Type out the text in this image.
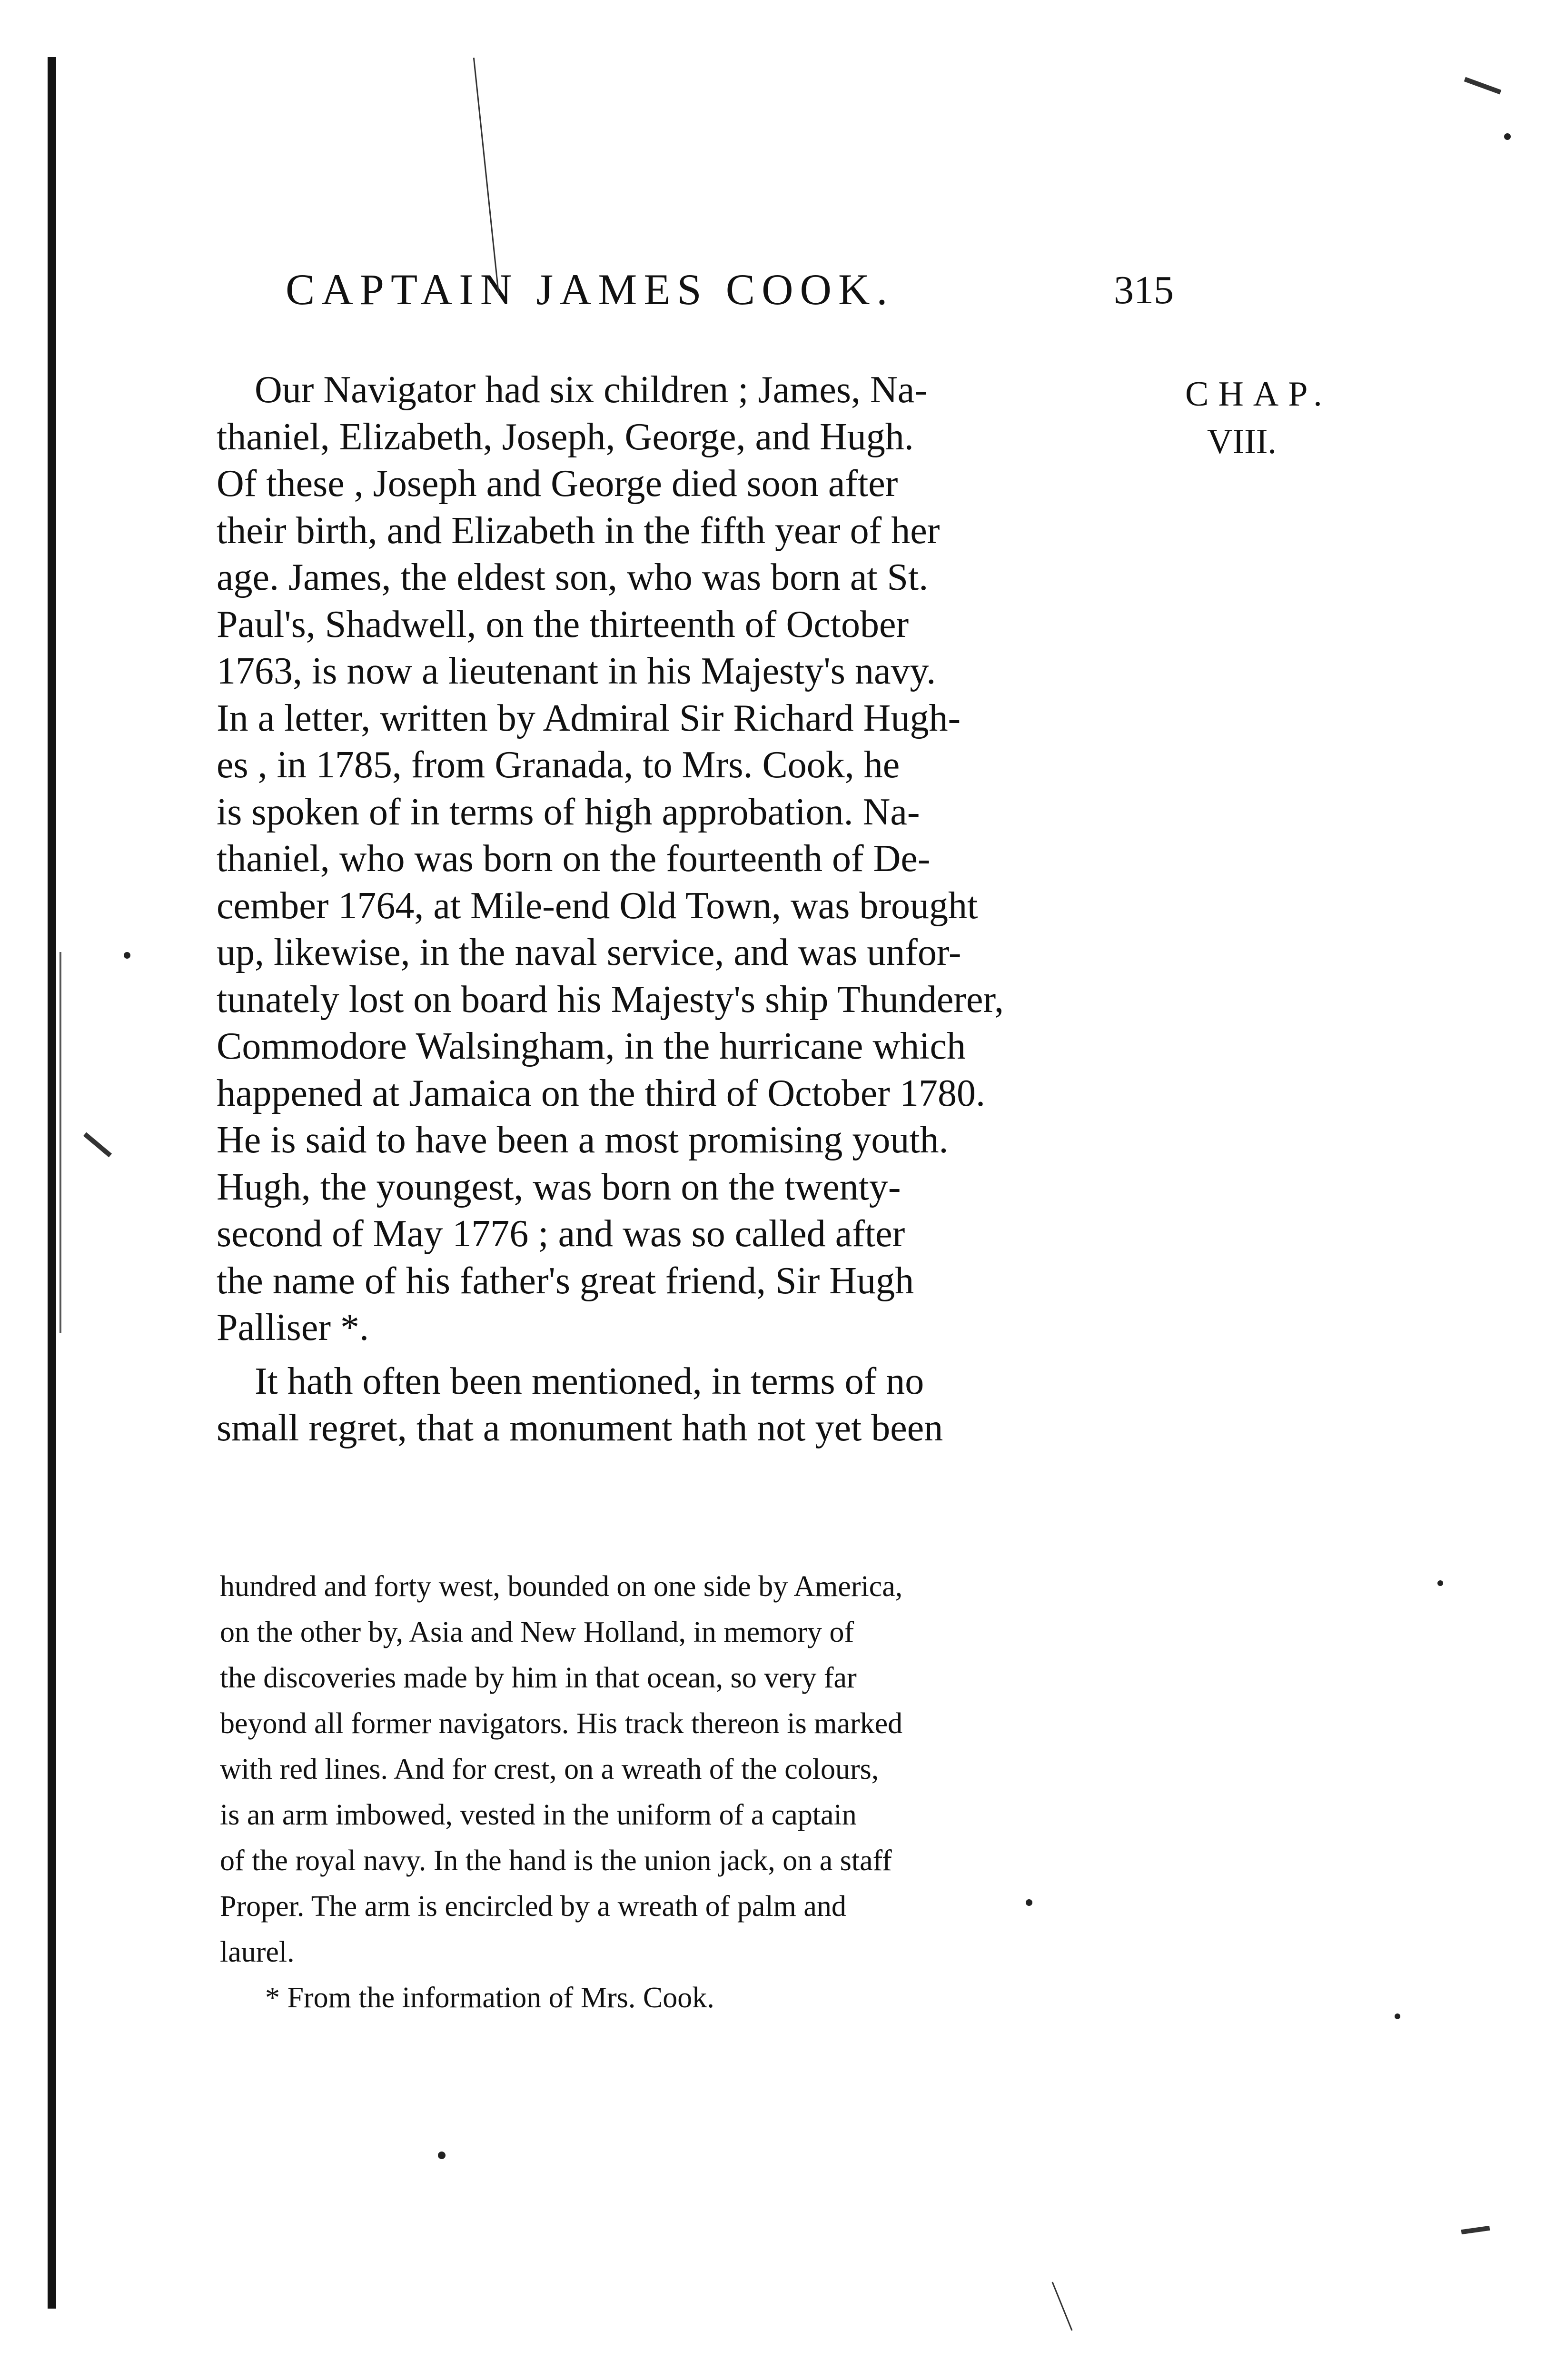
CAPTAIN JAMES COOK.	315
Our Navigator had six children ; James, Na-
thaniel, Elizabeth, Joseph, George, and Hugh.
Of these , Joseph and George died soon after
their birth, and Elizabeth in the fifth year of her
age. James, the eldest son, who was born at St.
Paul's, Shadwell, on the thirteenth of October
1763, is now a lieutenant in his Majesty's navy.
In a letter, written by Admiral Sir Richard Hugh-
es , in 1785, from Granada, to Mrs. Cook, he
is spoken of in terms of high approbation. Na-
thaniel, who was born on the fourteenth of De-
cember 1764, at Mile-end Old Town, was brought
up, likewise, in the naval service, and was unfor-
tunately lost on board his Majesty's ship Thunderer,
Commodore Walsingham, in the hurricane which
happened at Jamaica on the third of October 1780.
He is said to have been a most promising youth.
Hugh, the youngest, was born on the twenty-
second of May 1776 ; and was so called after
the name of his father's great friend, Sir Hugh
Palliser *.
It hath often been mentioned, in terms of no
small regret, that a monument hath not yet been
CHAP.
VIII.
hundred and forty west, bounded on one side by America,
on the other by, Asia and New Holland, in memory of
the discoveries made by him in that ocean, so very far
beyond all former navigators. His track thereon is marked
with red lines. And for crest, on a wreath of the colours,
is an arm imbowed, vested in the uniform of a captain
of the royal navy. In the hand is the union jack, on a staff
Proper. The arm is encircled by a wreath of palm and
laurel.
* From the information of Mrs. Cook.
